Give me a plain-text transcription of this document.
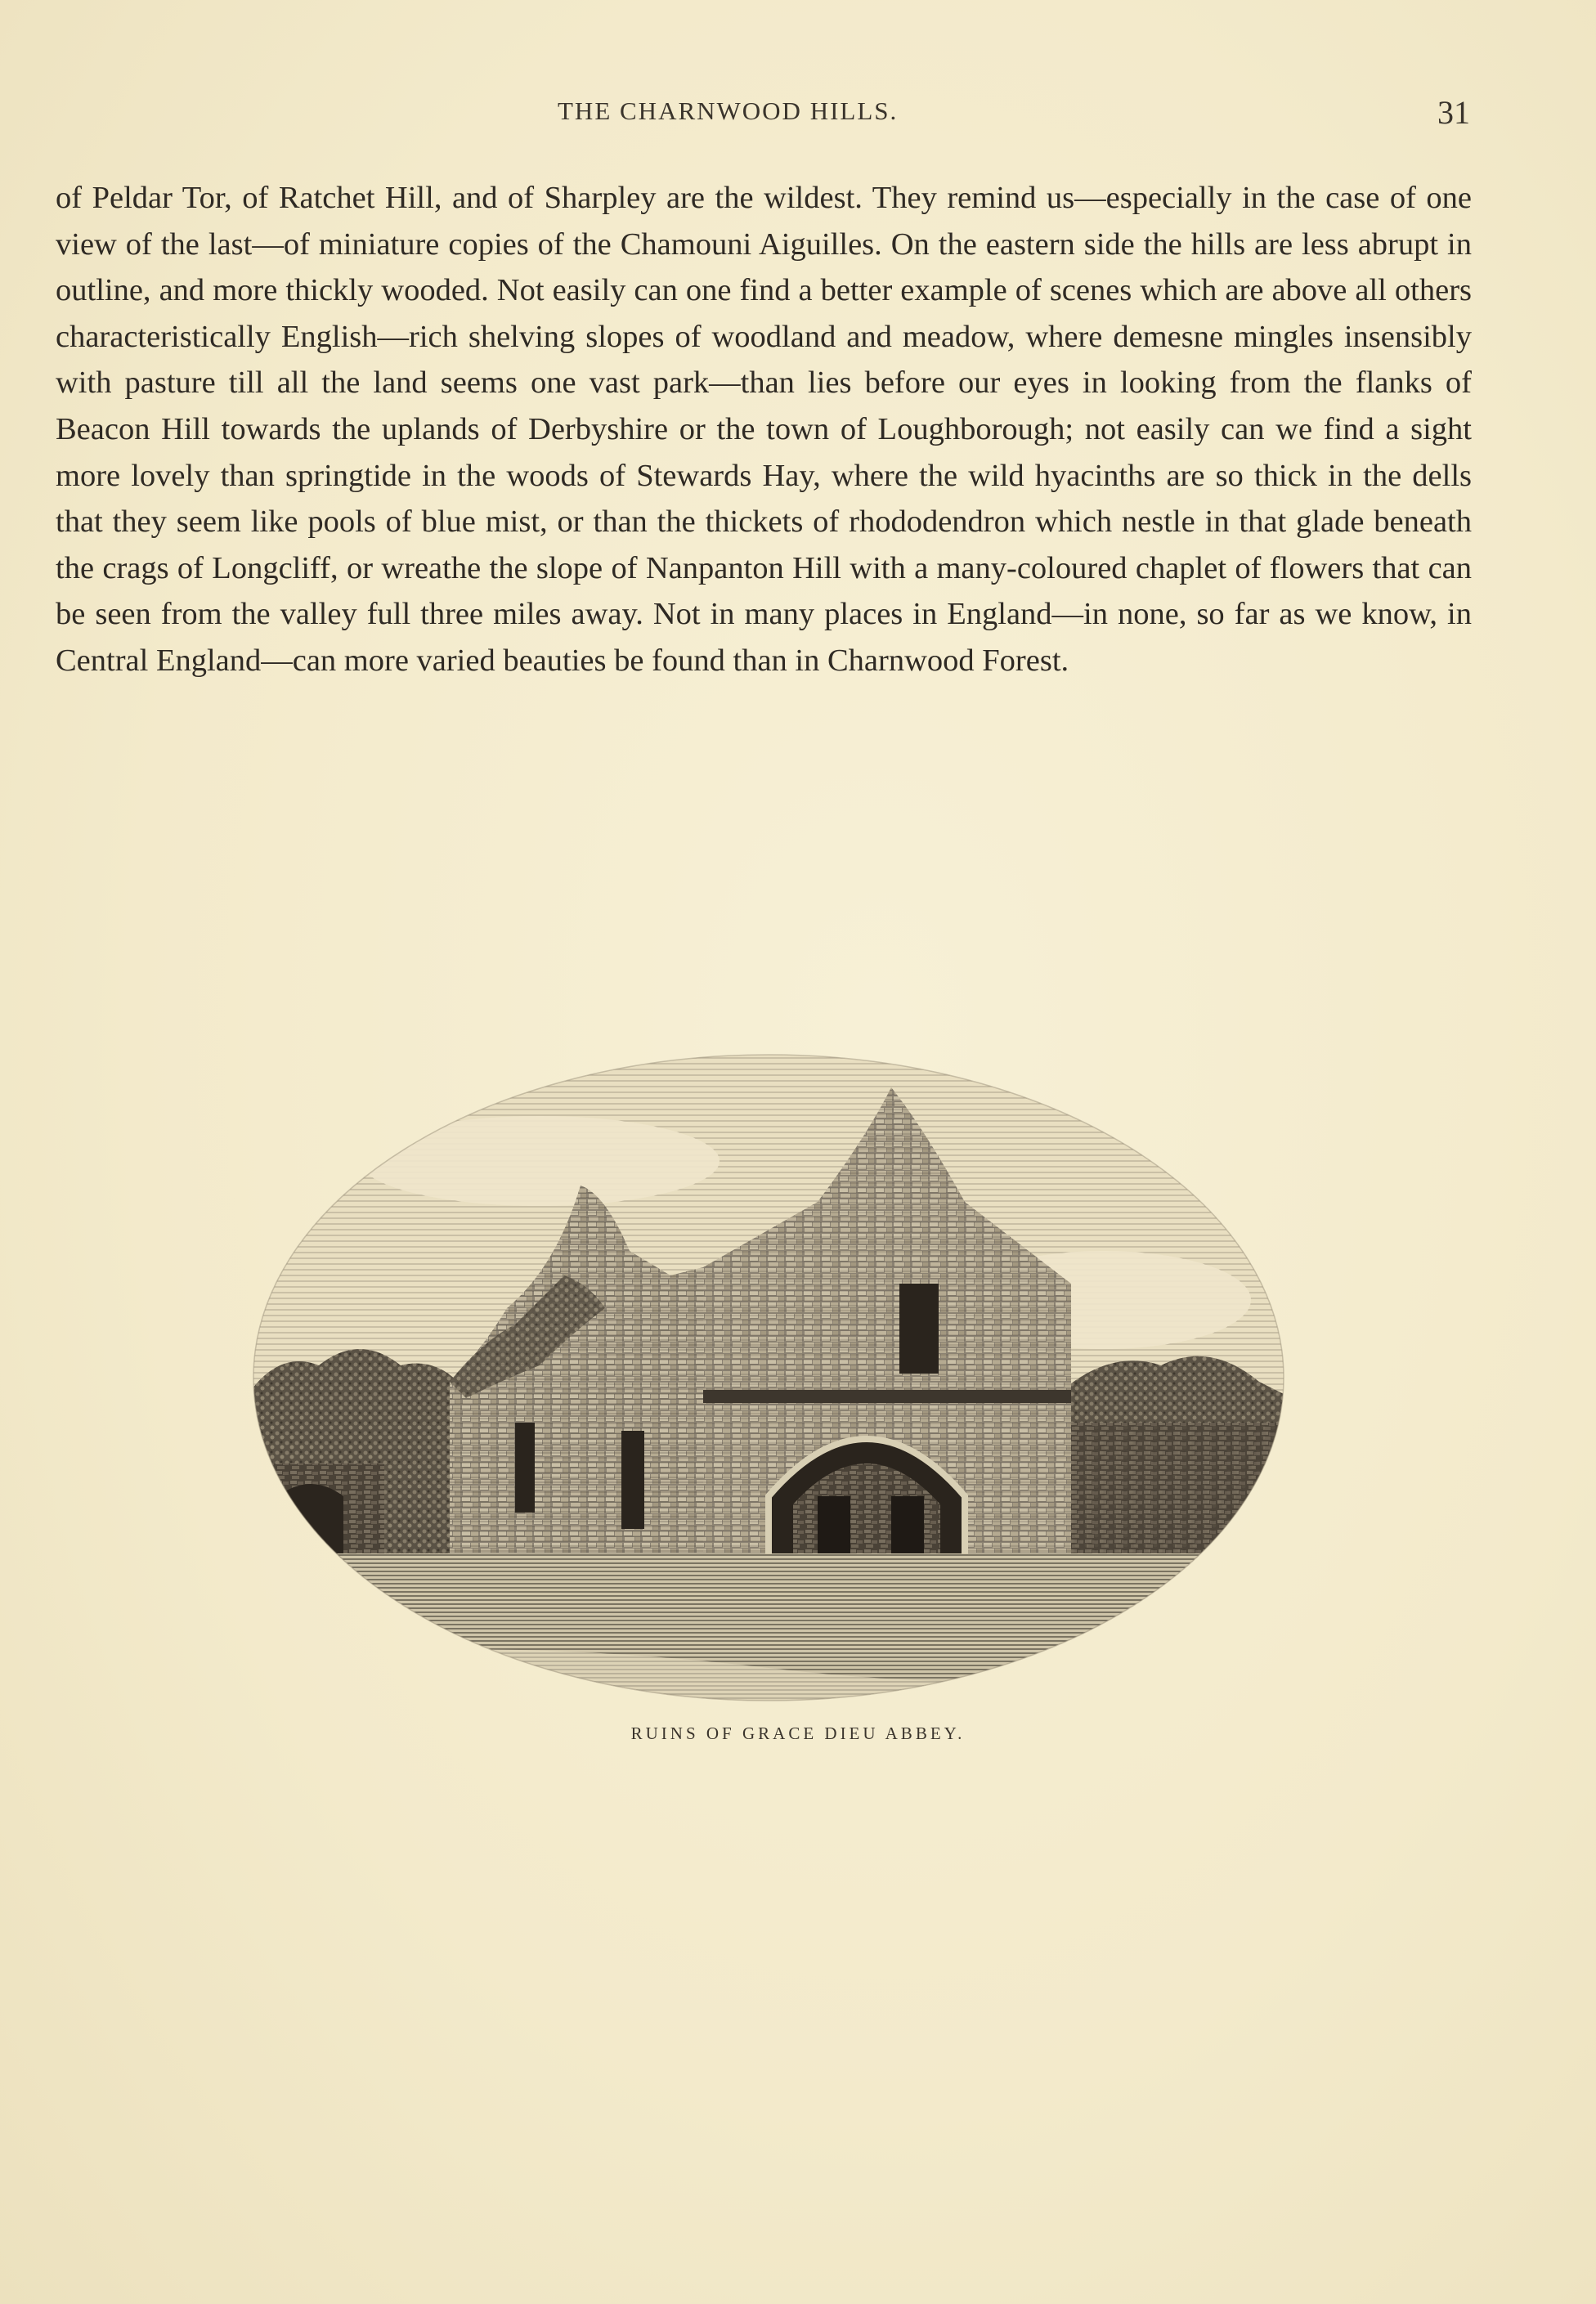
THE CHARNWOOD HILLS.	31

of Peldar Tor, of Ratchet Hill, and of Sharpley are the wildest. They remind us—especially in the case of one view of the last—of miniature copies of the Chamouni Aiguilles. On the eastern side the hills are less abrupt in outline, and more thickly wooded. Not easily can one find a better example of scenes which are above all others characteristically English—rich shelving slopes of woodland and meadow, where demesne mingles insensibly with pasture till all the land seems one vast park—than lies before our eyes in looking from the flanks of Beacon Hill towards the uplands of Derbyshire or the town of Loughborough; not easily can we find a sight more lovely than springtide in the woods of Stewards Hay, where the wild hyacinths are so thick in the dells that they seem like pools of blue mist, or than the thickets of rhododendron which nestle in that glade beneath the crags of Longcliff, or wreathe the slope of Nanpanton Hill with a many-coloured chaplet of flowers that can be seen from the valley full three miles away. Not in many places in England—in none, so far as we know, in Central England—can more varied beauties be found than in Charnwood Forest.

RUINS OF GRACE DIEU ABBEY.
